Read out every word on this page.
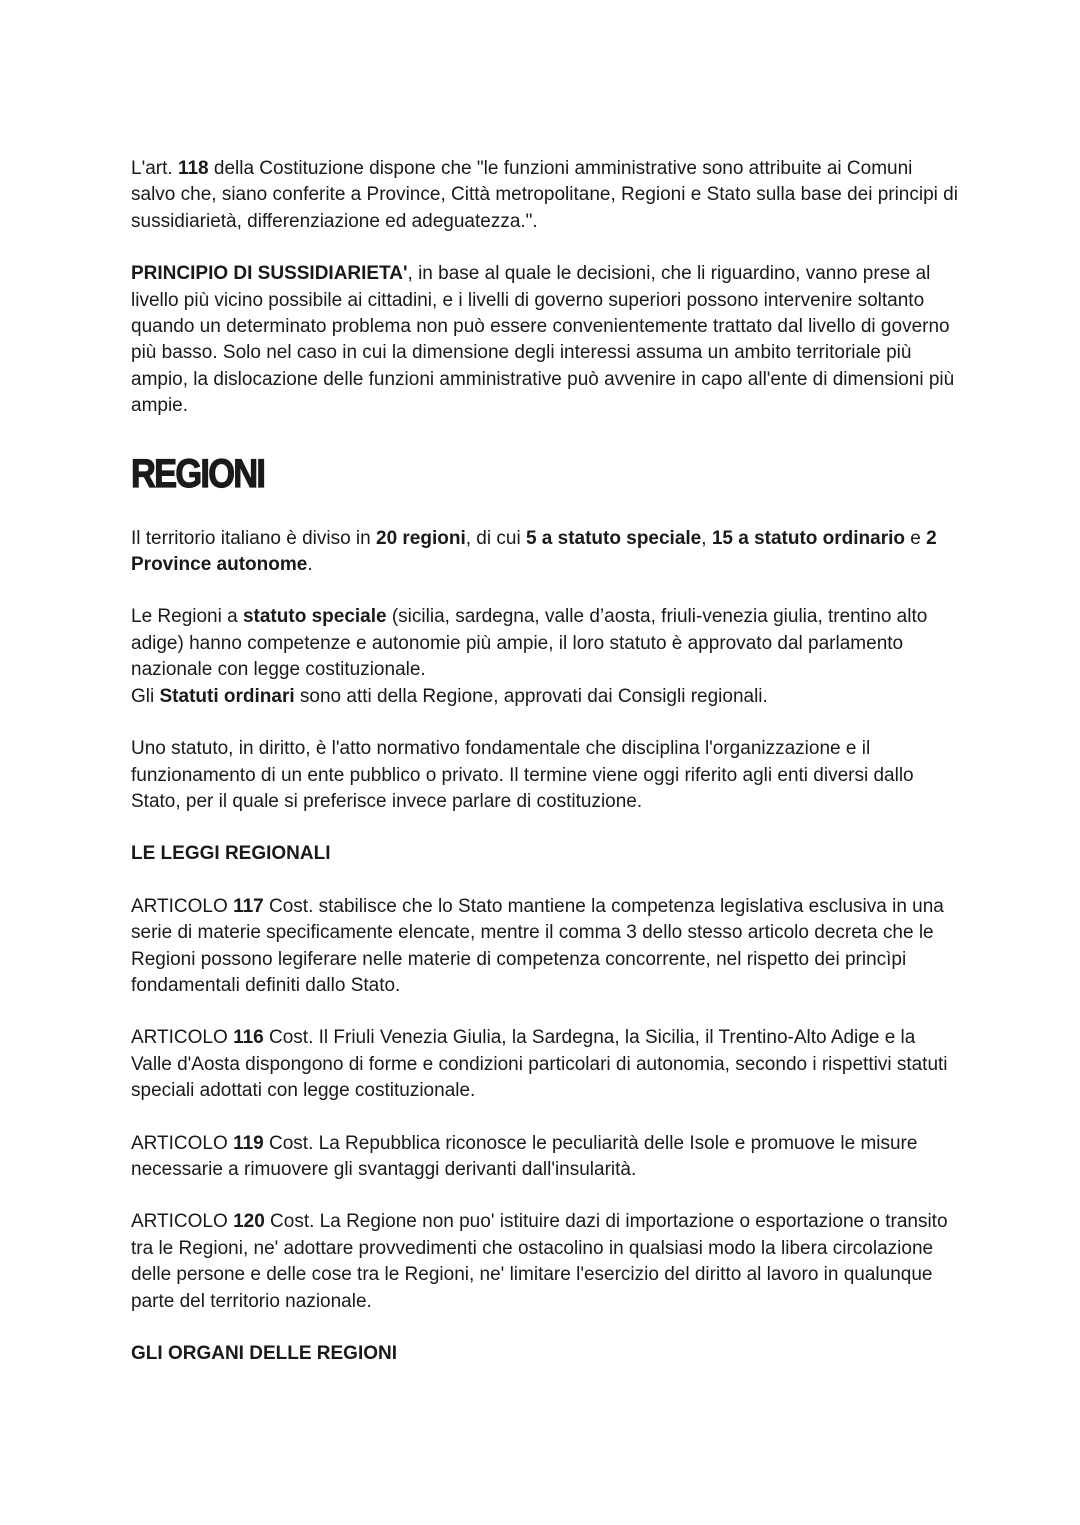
L'art. 118 della Costituzione dispone che "le funzioni amministrative sono attribuite ai Comuni salvo che, siano conferite a Province, Città metropolitane, Regioni e Stato sulla base dei principi di sussidiarietà, differenziazione ed adeguatezza.".

PRINCIPIO DI SUSSIDIARIETA', in base al quale le decisioni, che li riguardino, vanno prese al livello più vicino possibile ai cittadini, e i livelli di governo superiori possono intervenire soltanto quando un determinato problema non può essere convenientemente trattato dal livello di governo più basso. Solo nel caso in cui la dimensione degli interessi assuma un ambito territoriale più ampio, la dislocazione delle funzioni amministrative può avvenire in capo all'ente di dimensioni più ampie.

REGIONI

Il territorio italiano è diviso in 20 regioni, di cui 5 a statuto speciale, 15 a statuto ordinario e 2 Province autonome.

Le Regioni a statuto speciale (sicilia, sardegna, valle d’aosta, friuli-venezia giulia, trentino alto adige) hanno competenze e autonomie più ampie, il loro statuto è approvato dal parlamento nazionale con legge costituzionale.

Gli Statuti ordinari sono atti della Regione, approvati dai Consigli regionali.

Uno statuto, in diritto, è l'atto normativo fondamentale che disciplina l'organizzazione e il funzionamento di un ente pubblico o privato. Il termine viene oggi riferito agli enti diversi dallo Stato, per il quale si preferisce invece parlare di costituzione.

LE LEGGI REGIONALI

ARTICOLO 117 Cost. stabilisce che lo Stato mantiene la competenza legislativa esclusiva in una serie di materie specificamente elencate, mentre il comma 3 dello stesso articolo decreta che le Regioni possono legiferare nelle materie di competenza concorrente, nel rispetto dei princìpi fondamentali definiti dallo Stato.

ARTICOLO 116 Cost. Il Friuli Venezia Giulia, la Sardegna, la Sicilia, il Trentino-Alto Adige e la Valle d'Aosta dispongono di forme e condizioni particolari di autonomia, secondo i rispettivi statuti speciali adottati con legge costituzionale.

ARTICOLO 119 Cost. La Repubblica riconosce le peculiarità delle Isole e promuove le misure necessarie a rimuovere gli svantaggi derivanti dall'insularità.

ARTICOLO 120 Cost. La Regione non puo' istituire dazi di importazione o esportazione o transito tra le Regioni, ne' adottare provvedimenti che ostacolino in qualsiasi modo la libera circolazione delle persone e delle cose tra le Regioni, ne' limitare l'esercizio del diritto al lavoro in qualunque parte del territorio nazionale.

GLI ORGANI DELLE REGIONI
